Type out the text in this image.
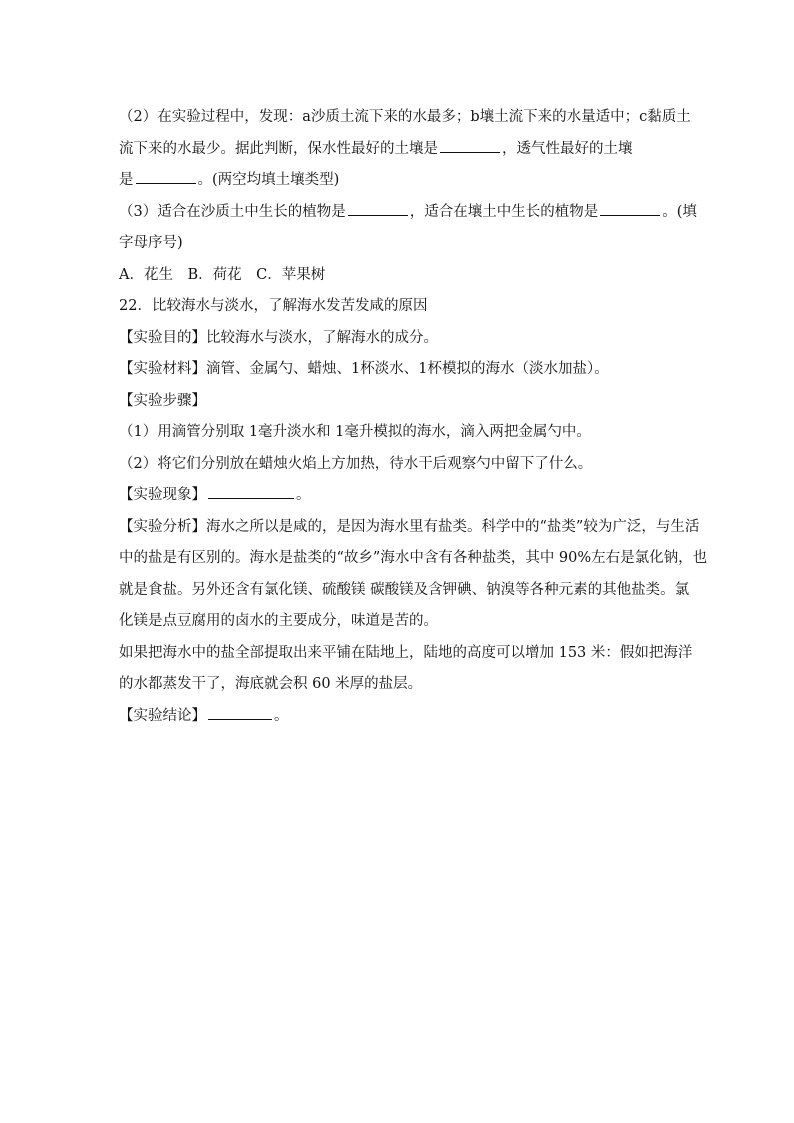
（2）在实验过程中，发现：a沙质土流下来的水最多；b壤土流下来的水量适中；c黏质土
流下来的水最少。据此判断，保水性最好的土壤是	，透气性最好的土壤
是	。(两空均填土壤类型)
（3）适合在沙质土中生长的植物是	，适合在壤土中生长的植物是	。(填
字母序号)
A．花生　B．荷花　C．苹果树
22．比较海水与淡水，了解海水发苦发咸的原因
【实验目的】比较海水与淡水，了解海水的成分。
【实验材料】滴管、金属勺、蜡烛、1杯淡水、1杯模拟的海水（淡水加盐）。
【实验步骤】
（1）用滴管分别取 1毫升淡水和 1毫升模拟的海水，滴入两把金属勺中。
（2）将它们分别放在蜡烛火焰上方加热，待水干后观察勺中留下了什么。
【实验现象】	。
【实验分析】海水之所以是咸的，是因为海水里有盐类。科学中的“盐类”较为广泛，与生活
中的盐是有区别的。海水是盐类的“故乡”海水中含有各种盐类，其中 90%左右是氯化钠，也
就是食盐。另外还含有氯化镁、硫酸镁 碳酸镁及含钾碘、钠溴等各种元素的其他盐类。氯
化镁是点豆腐用的卤水的主要成分，味道是苦的。
如果把海水中的盐全部提取出来平铺在陆地上，陆地的高度可以增加 153 米：假如把海洋
的水都蒸发干了，海底就会积 60 米厚的盐层。
【实验结论】	。
